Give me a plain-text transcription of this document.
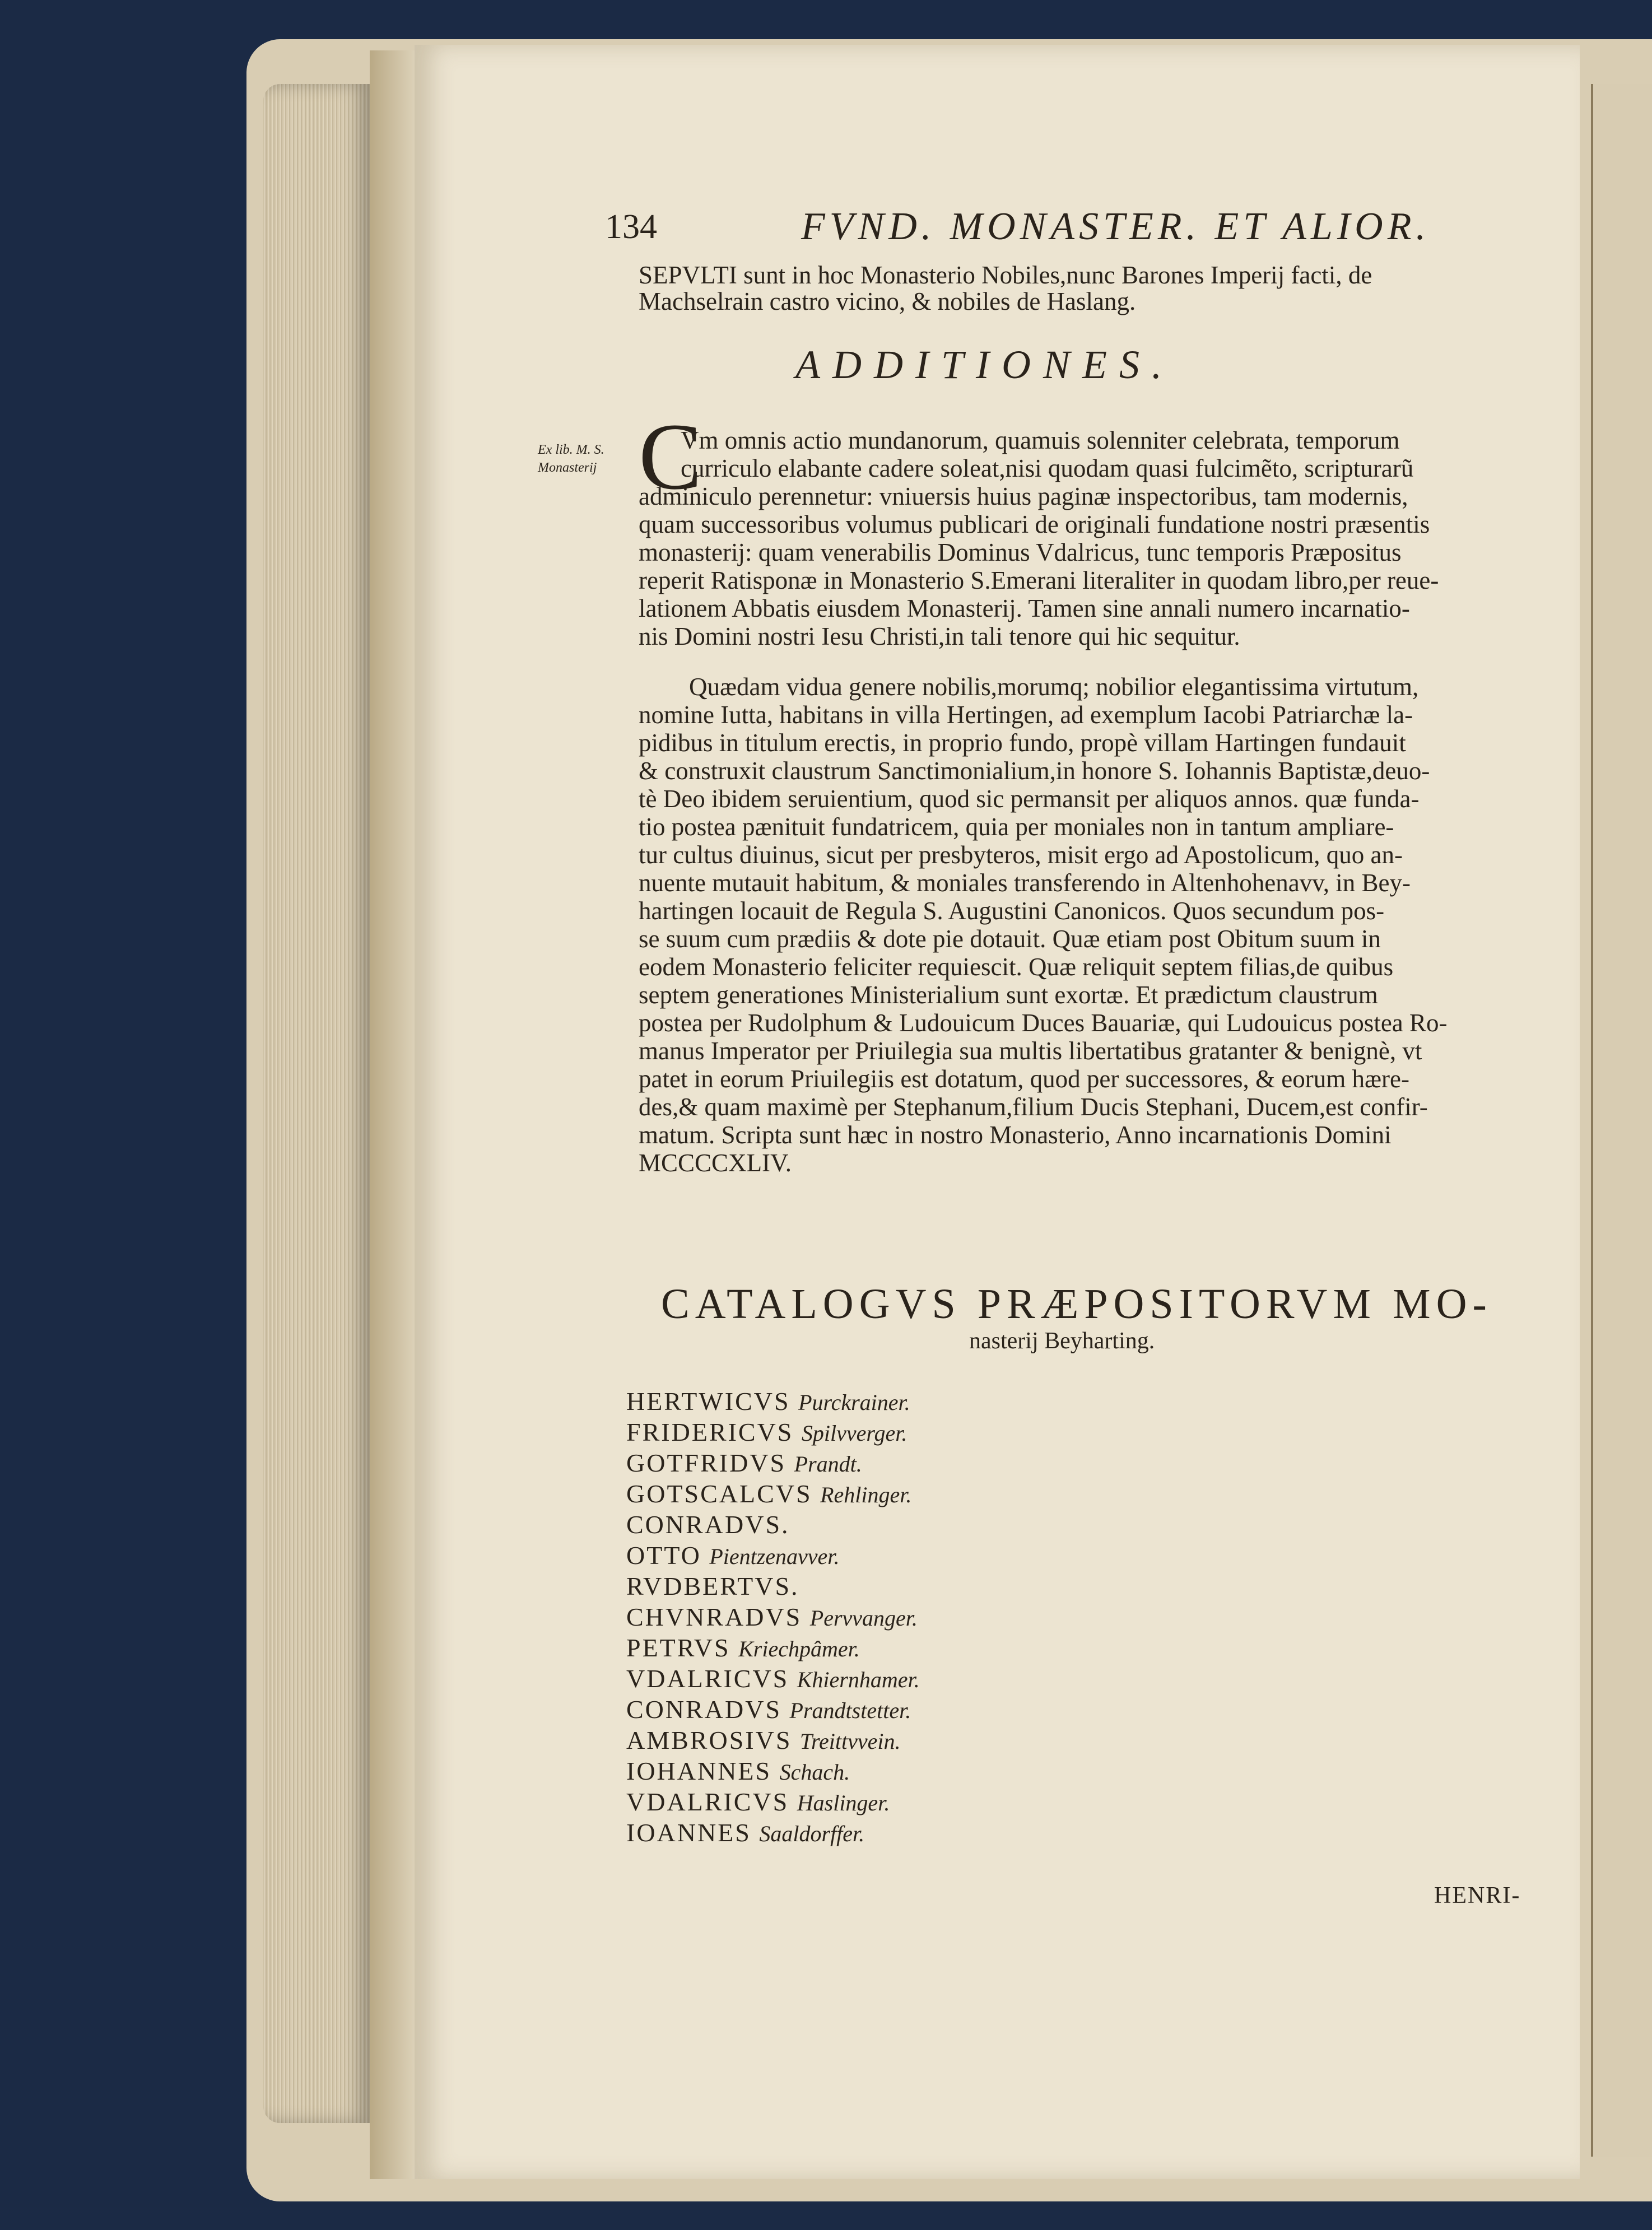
134	FVND. MONASTER. ET ALIOR.
SEPVLTI sunt in hoc Monasterio Nobiles,nunc Barones Imperij facti, de
Machselrain castro vicino, & nobiles de Haslang.
ADDITIONES.
Ex lib. M. S.
Monasterij C
Vm omnis actio mundanorum, quamuis solenniter celebrata, temporum
curriculo elabante cadere soleat,nisi quodam quasi fulcimẽto, scripturarũ
adminiculo perennetur: vniuersis huius paginæ inspectoribus, tam modernis,
quam successoribus volumus publicari de originali fundatione nostri præsentis
monasterij: quam venerabilis Dominus Vdalricus, tunc temporis Præpositus
reperit Ratisponæ in Monasterio S.Emerani literaliter in quodam libro,per reue-
lationem Abbatis eiusdem Monasterij. Tamen sine annali numero incarnatio-
nis Domini nostri Iesu Christi,in tali tenore qui hic sequitur.
Quædam vidua genere nobilis,morumq; nobilior elegantissima virtutum,
nomine Iutta, habitans in villa Hertingen, ad exemplum Iacobi Patriarchæ la-
pidibus in titulum erectis, in proprio fundo, propè villam Hartingen fundauit
& construxit claustrum Sanctimonialium,in honore S. Iohannis Baptistæ,deuo-
tè Deo ibidem seruientium, quod sic permansit per aliquos annos. quæ funda-
tio postea pænituit fundatricem, quia per moniales non in tantum ampliare-
tur cultus diuinus, sicut per presbyteros, misit ergo ad Apostolicum, quo an-
nuente mutauit habitum, & moniales transferendo in Altenhohenavv, in Bey-
hartingen locauit de Regula S. Augustini Canonicos. Quos secundum pos-
se suum cum prædiis & dote pie dotauit. Quæ etiam post Obitum suum in
eodem Monasterio feliciter requiescit. Quæ reliquit septem filias,de quibus
septem generationes Ministerialium sunt exortæ. Et prædictum claustrum
postea per Rudolphum & Ludouicum Duces Bauariæ, qui Ludouicus postea Ro-
manus Imperator per Priuilegia sua multis libertatibus gratanter & benignè, vt
patet in eorum Priuilegiis est dotatum, quod per successores, & eorum hære-
des,& quam maximè per Stephanum,filium Ducis Stephani, Ducem,est confir-
matum. Scripta sunt hæc in nostro Monasterio, Anno incarnationis Domini
MCCCCXLIV.
CATALOGVS PRÆPOSITORVM MO-
nasterij Beyharting.
HERTWICVS Purckrainer.
FRIDERICVS Spilvverger.
GOTFRIDVS Prandt.
GOTSCALCVS Rehlinger.
CONRADVS.
OTTO Pientzenavver.
RVDBERTVS.
CHVNRADVS Pervvanger.
PETRVS Kriechpâmer.
VDALRICVS Khiernhamer.
CONRADVS Prandtstetter.
AMBROSIVS Treittvvein.
IOHANNES Schach.
VDALRICVS Haslinger.
IOANNES Saaldorffer.
HENRI-
